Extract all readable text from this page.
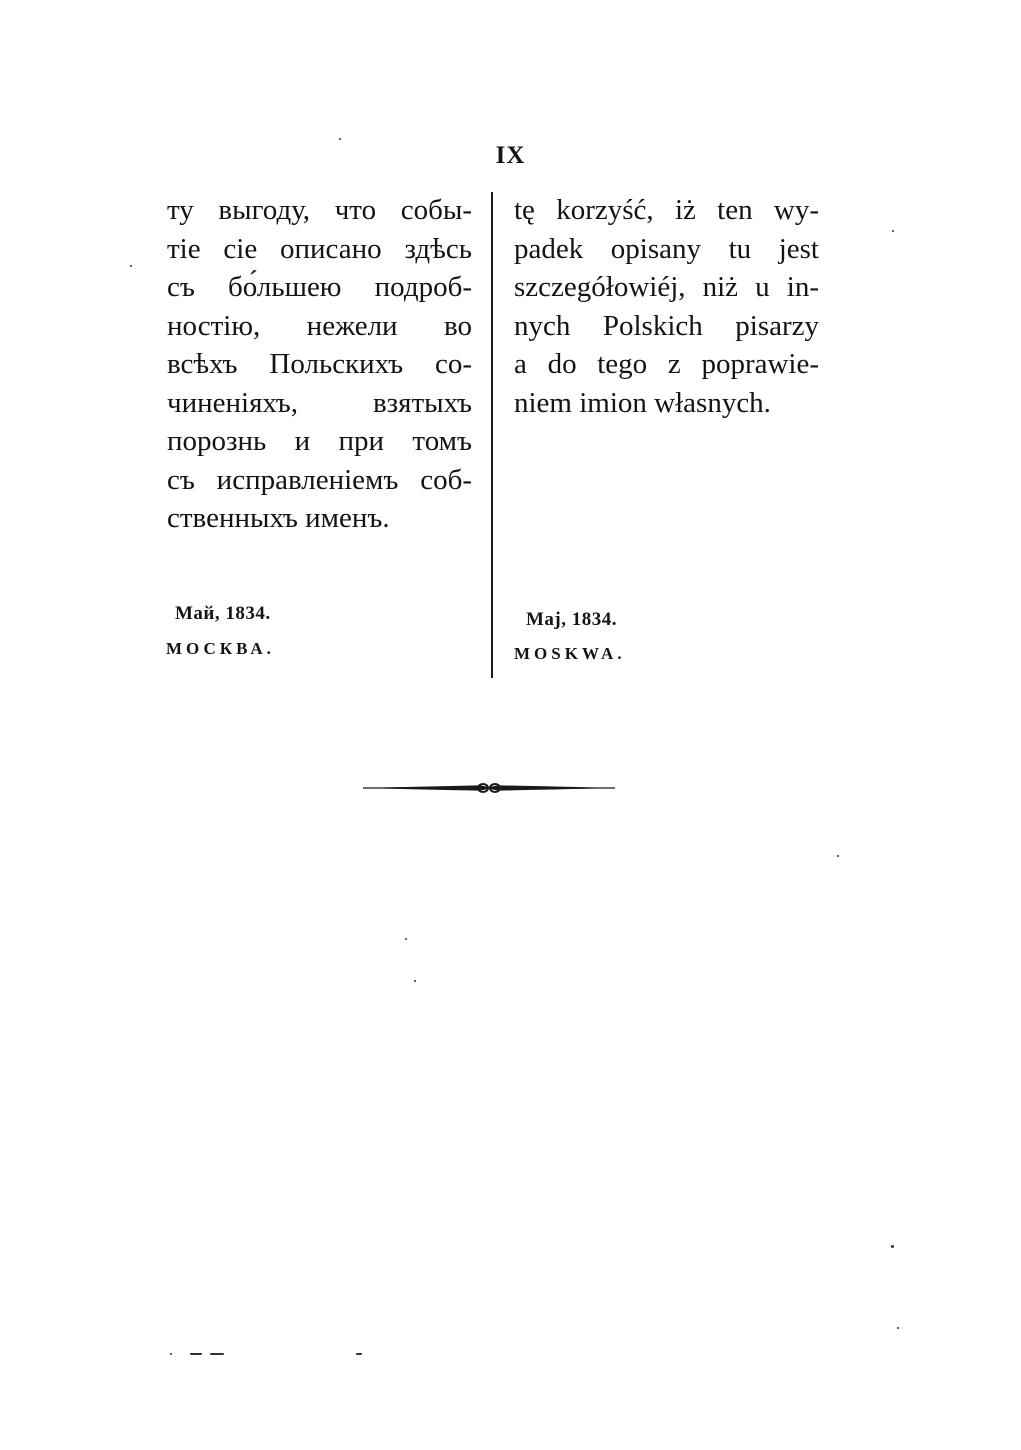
IX
ту выгоду, что собы-
тіе сіе описано здѣсь
съ бо́льшею подроб-
ностію, нежели во
всѣхъ Польскихъ со-
чиненіяхъ, взятыхъ
порознь и при томъ
съ исправленіемъ соб-
ственныхъ именъ.
tę korzyść, iż ten wy-
padek opisany tu jest
szczegółowiéj, niż u in-
nych Polskich pisarzy
a do tego z poprawie-
niem imion własnych.
Май, 1834.
МОСКВА.
Maj, 1834.
MOSKWA.
